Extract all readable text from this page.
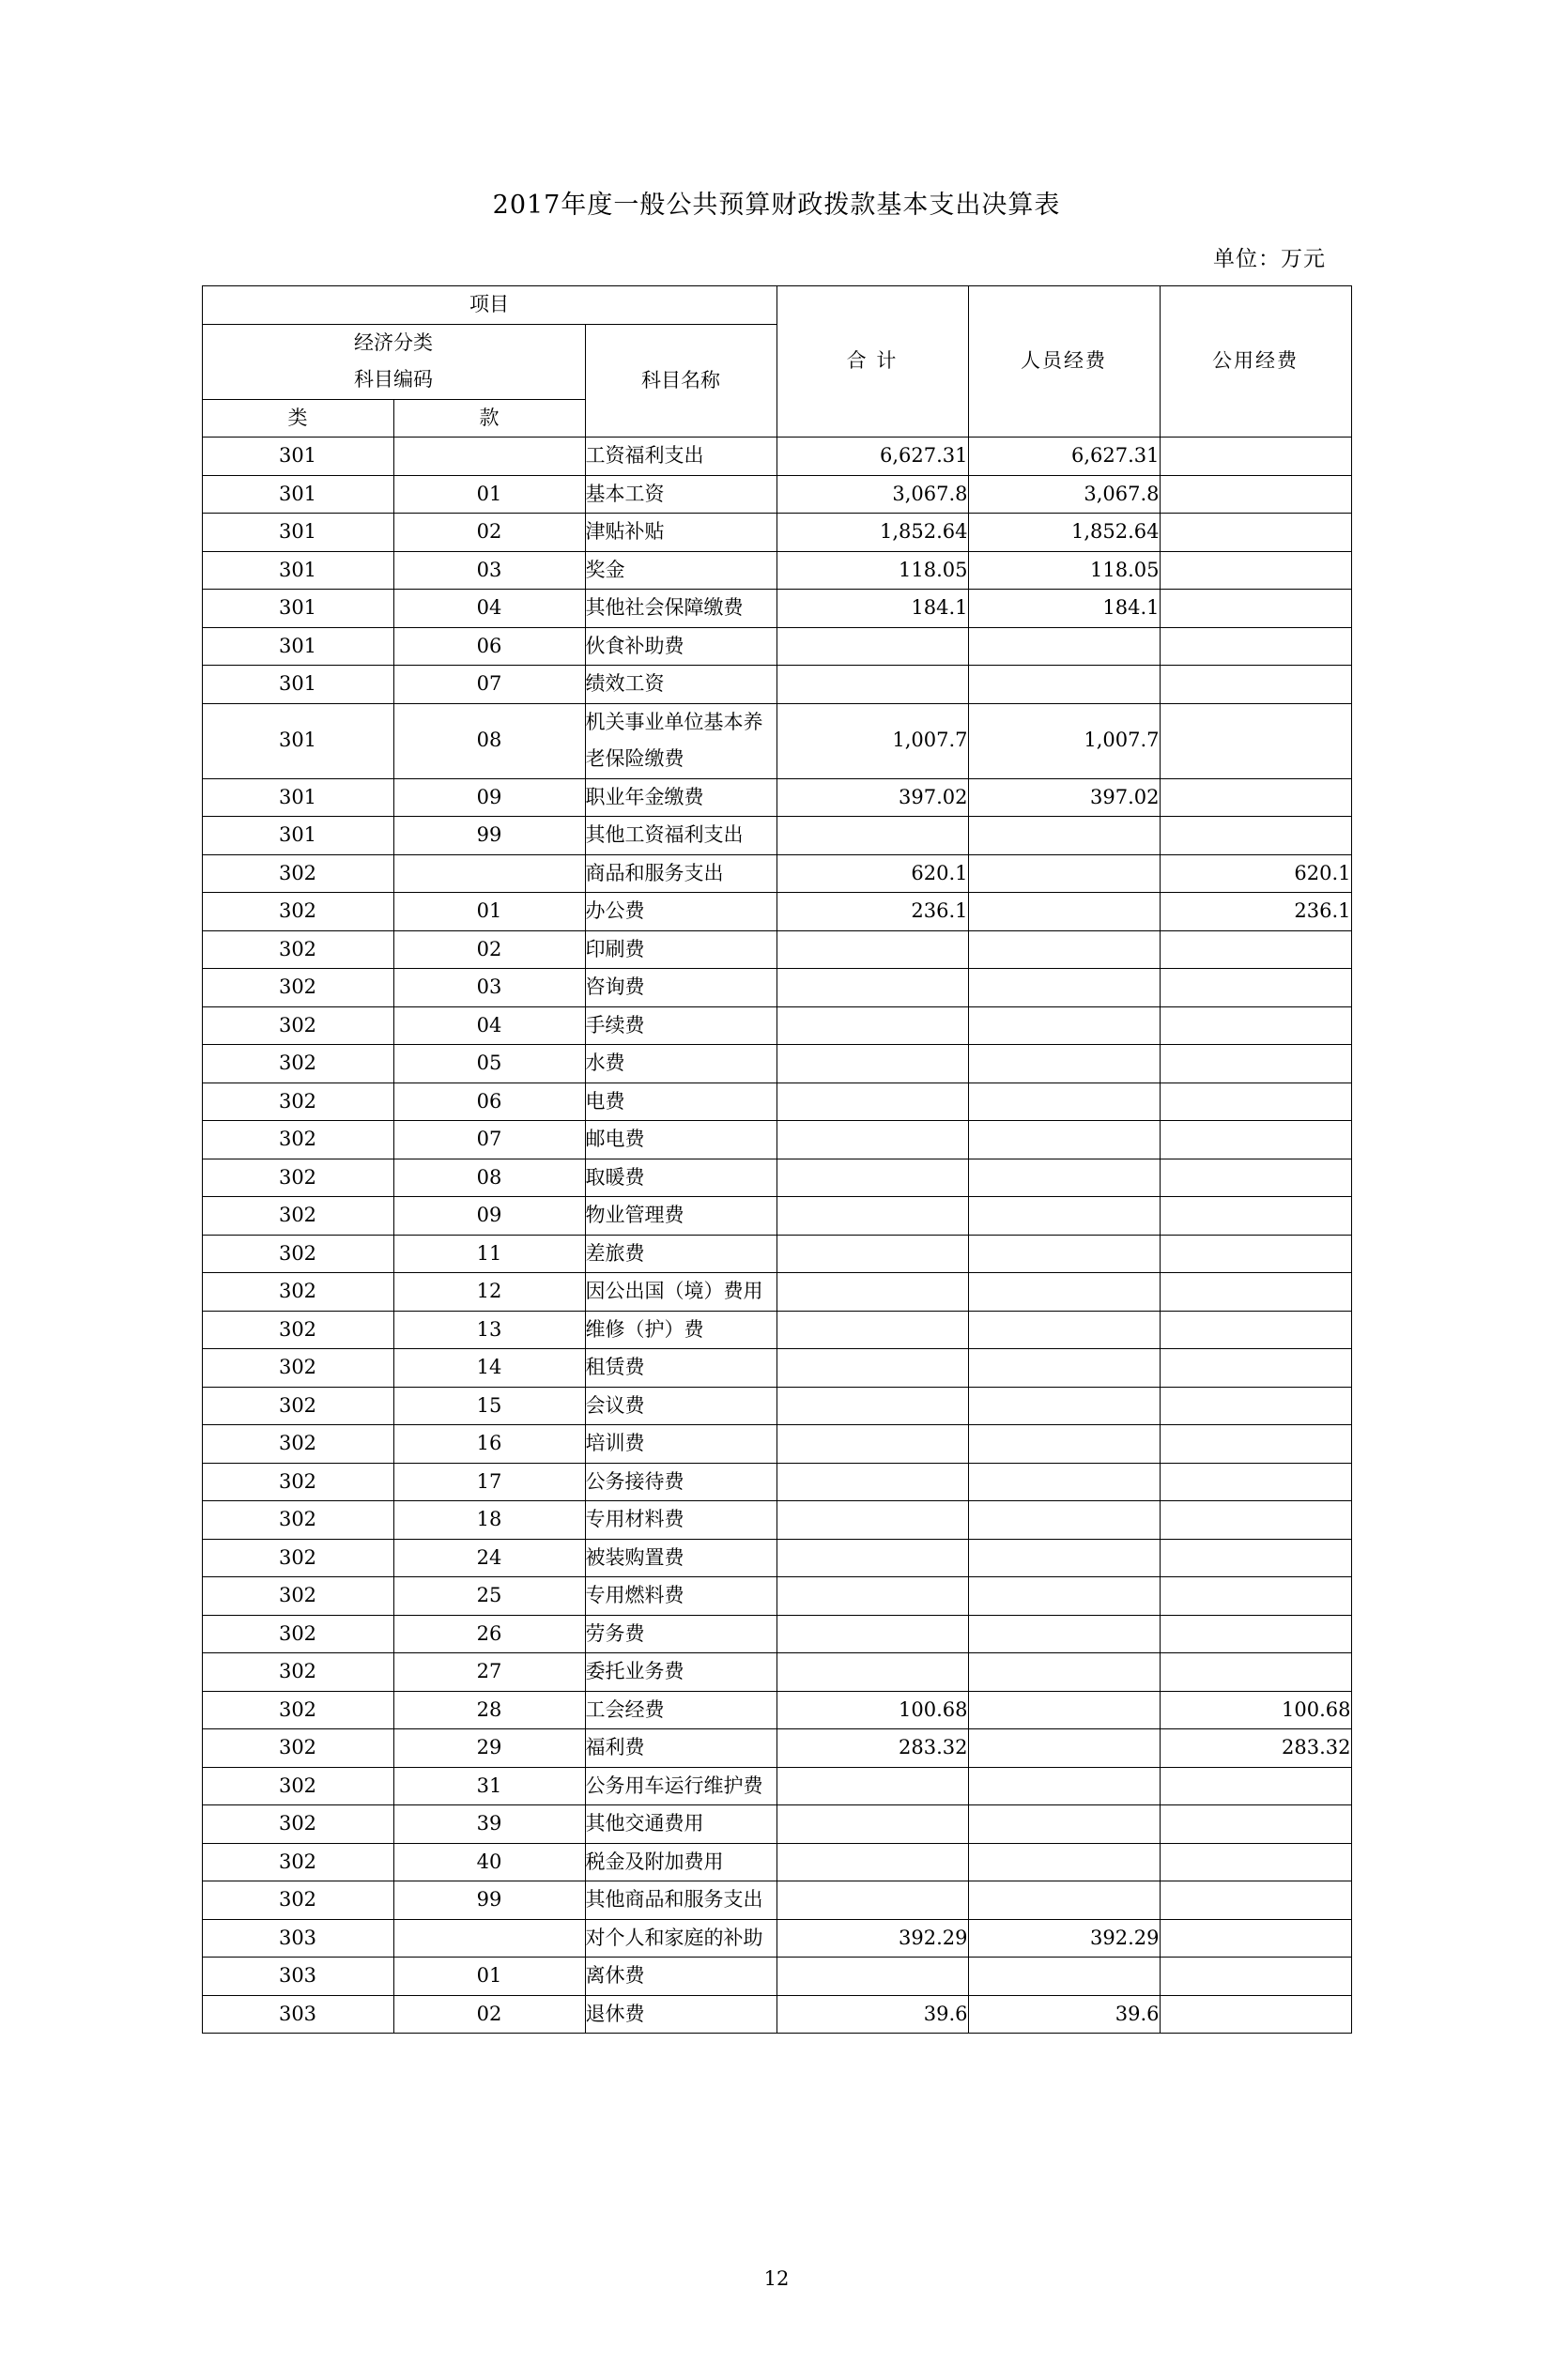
2017年度一般公共预算财政拨款基本支出决算表
单位：万元
项目			合 计	人员经费	公用经费

经济分类
科目编码		科目名称			
类	款				
301		工资福利支出	6,627.31	6,627.31	
301	01	基本工资	3,067.8	3,067.8	
301	02	津贴补贴	1,852.64	1,852.64	
301	03	奖金	118.05	118.05	
301	04	其他社会保障缴费	184.1	184.1	
301	06	伙食补助费			
301	07	绩效工资			
301	08	机关事业单位基本养老保险缴费	1,007.7	1,007.7	
301	09	职业年金缴费	397.02	397.02	
301	99	其他工资福利支出			
302		商品和服务支出	620.1		620.1
302	01	办公费	236.1		236.1
302	02	印刷费			
302	03	咨询费			
302	04	手续费			
302	05	水费			
302	06	电费			
302	07	邮电费			
302	08	取暖费			
302	09	物业管理费			
302	11	差旅费			
302	12	因公出国（境）费用			
302	13	维修（护）费			
302	14	租赁费			
302	15	会议费			
302	16	培训费			
302	17	公务接待费			
302	18	专用材料费			
302	24	被装购置费			
302	25	专用燃料费			
302	26	劳务费			
302	27	委托业务费			
302	28	工会经费	100.68		100.68
302	29	福利费	283.32		283.32
302	31	公务用车运行维护费			
302	39	其他交通费用			
302	40	税金及附加费用			
302	99	其他商品和服务支出			
303		对个人和家庭的补助	392.29	392.29	
303	01	离休费			
303	02	退休费	39.6	39.6	
12
